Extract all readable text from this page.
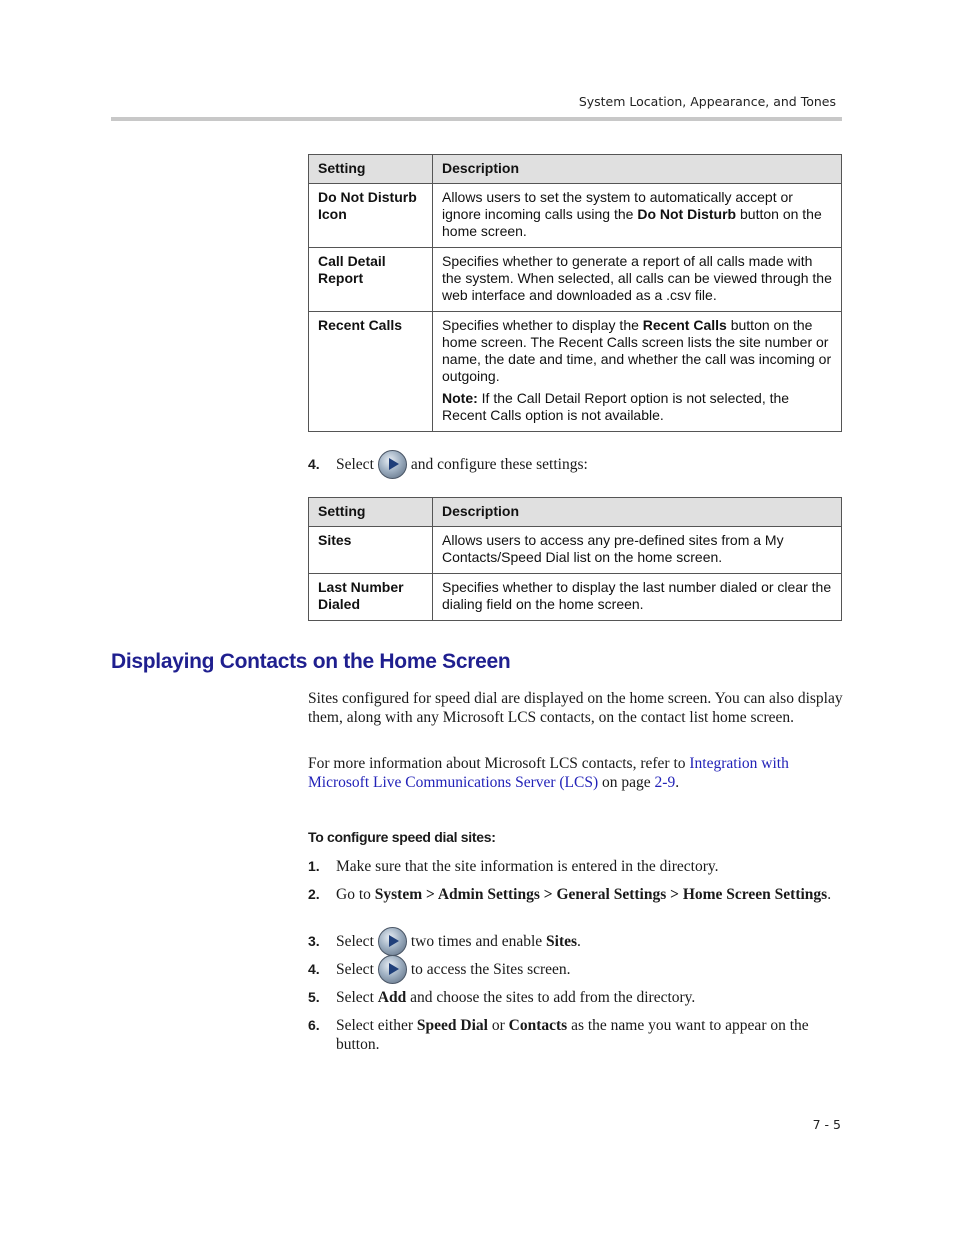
System Location, Appearance, and Tones
Setting	Description
Do Not Disturb Icon	Allows users to set the system to automatically accept or ignore incoming calls using the Do Not Disturb button on the home screen.
Call Detail Report	Specifies whether to generate a report of all calls made with the system. When selected, all calls can be viewed through the web interface and downloaded as a .csv file.
Recent Calls	Specifies whether to display the Recent Calls button on the home screen. The Recent Calls screen lists the site number or name, the date and time, and whether the call was incoming or outgoing.
Note: If the Call Detail Report option is not selected, the Recent Calls option is not available.
4. Select and configure these settings:
Setting	Description
Sites	Allows users to access any pre-defined sites from a My Contacts/Speed Dial list on the home screen.
Last Number Dialed	Specifies whether to display the last number dialed or clear the dialing field on the home screen.
Displaying Contacts on the Home Screen

Sites configured for speed dial are displayed on the home screen. You can also display them, along with any Microsoft LCS contacts, on the contact list home screen.

For more information about Microsoft LCS contacts, refer to Integration with Microsoft Live Communications Server (LCS) on page 2-9.

To configure speed dial sites:
1. Make sure that the site information is entered in the directory.
2. Go to System > Admin Settings > General Settings > Home Screen Settings.
3. Select two times and enable Sites.
4. Select to access the Sites screen.
5. Select Add and choose the sites to add from the directory.
6. Select either Speed Dial or Contacts as the name you want to appear on the button.
7 - 5
